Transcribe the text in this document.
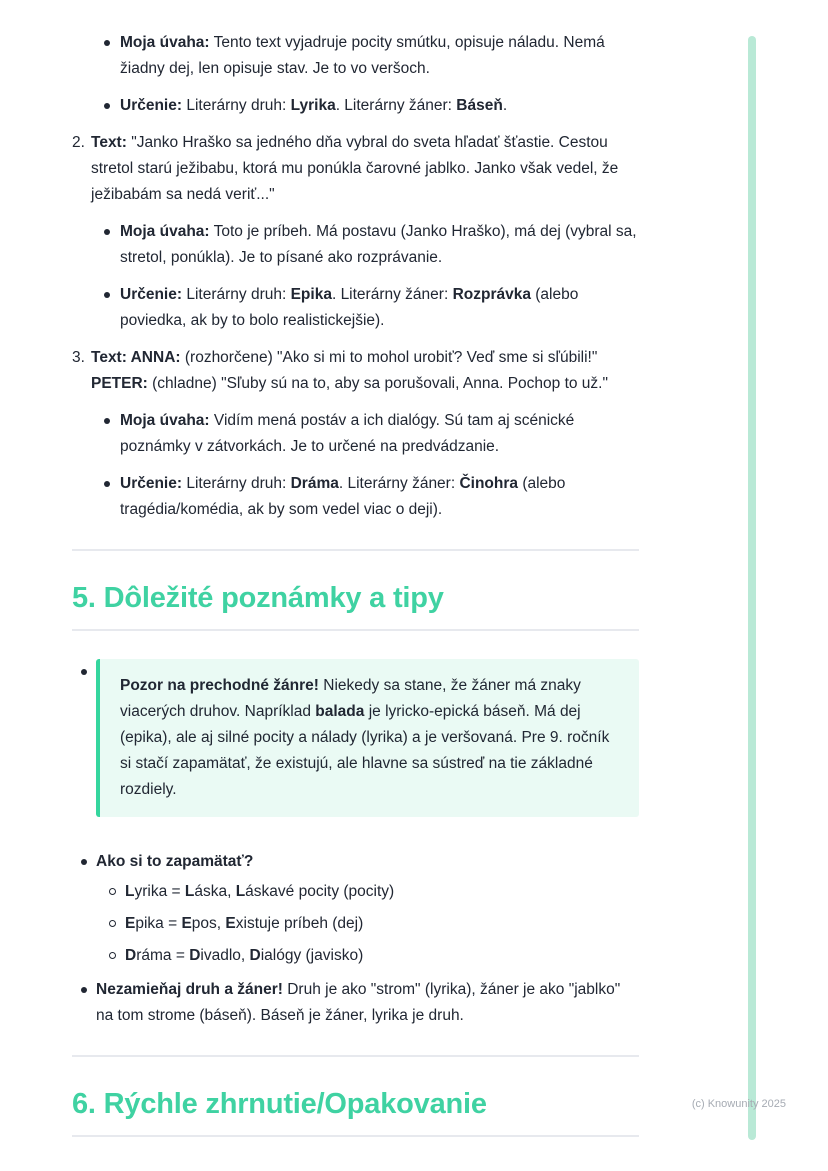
Moja úvaha: Tento text vyjadruje pocity smútku, opisuje náladu. Nemá žiadny dej, len opisuje stav. Je to vo veršoch.

Určenie: Literárny druh: Lyrika. Literárny žáner: Báseň.

2. Text: "Janko Hraško sa jedného dňa vybral do sveta hľadať šťastie. Cestou stretol starú ježibabu, ktorá mu ponúkla čarovné jablko. Janko však vedel, že ježibabám sa nedá veriť..."

Moja úvaha: Toto je príbeh. Má postavu (Janko Hraško), má dej (vybral sa, stretol, ponúkla). Je to písané ako rozprávanie.

Určenie: Literárny druh: Epika. Literárny žáner: Rozprávka (alebo poviedka, ak by to bolo realistickejšie).

3. Text: ANNA: (rozhorčene) "Ako si mi to mohol urobiť? Veď sme si sľúbili!" PETER: (chladne) "Sľuby sú na to, aby sa porušovali, Anna. Pochop to už."

Moja úvaha: Vidím mená postáv a ich dialógy. Sú tam aj scénické poznámky v zátvorkách. Je to určené na predvádzanie.

Určenie: Literárny druh: Dráma. Literárny žáner: Činohra (alebo tragédia/komédia, ak by som vedel viac o deji).

5. Dôležité poznámky a tipy

Pozor na prechodné žánre! Niekedy sa stane, že žáner má znaky viacerých druhov. Napríklad balada je lyricko-epická báseň. Má dej (epika), ale aj silné pocity a nálady (lyrika) a je veršovaná. Pre 9. ročník si stačí zapamätať, že existujú, ale hlavne sa sústreď na tie základné rozdiely.

Ako si to zapamätať?

Lyrika = Láska, Láskavé pocity (pocity)

Epika = Epos, Existuje príbeh (dej)

Dráma = Divadlo, Dialógy (javisko)

Nezamieňaj druh a žáner! Druh je ako "strom" (lyrika), žáner je ako "jablko" na tom strome (báseň). Báseň je žáner, lyrika je druh.

6. Rýchle zhrnutie/Opakovanie	(c) Knowunity 2025
